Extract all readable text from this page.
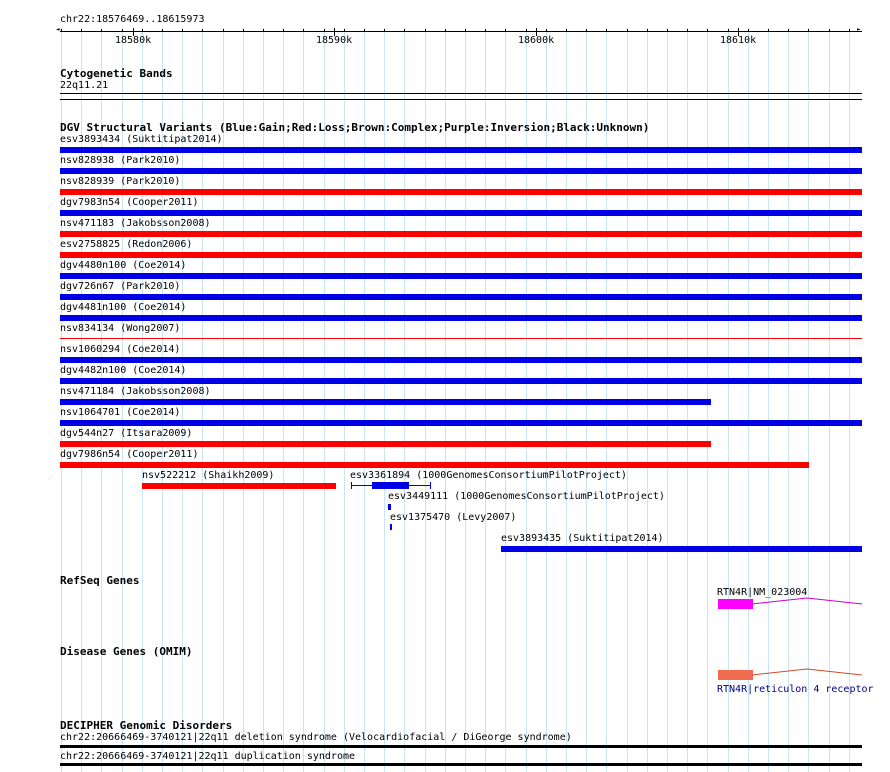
chr22:18576469..18615973
◄	►
18580k	18590k	18600k	18610k
Cytogenetic Bands
22q11.21
DGV Structural Variants (Blue:Gain;Red:Loss;Brown:Complex;Purple:Inversion;Black:Unknown)
esv3893434 (Suktitipat2014)
nsv828938 (Park2010)
nsv828939 (Park2010)
dgv7983n54 (Cooper2011)
nsv471183 (Jakobsson2008)
esv2758825 (Redon2006)
dgv4480n100 (Coe2014)
dgv726n67 (Park2010)
dgv4481n100 (Coe2014)
nsv834134 (Wong2007)
nsv1060294 (Coe2014)
dgv4482n100 (Coe2014)
nsv471184 (Jakobsson2008)
nsv1064701 (Coe2014)
dgv544n27 (Itsara2009)
dgv7986n54 (Cooper2011)
nsv522212 (Shaikh2009)	esv3361894 (1000GenomesConsortiumPilotProject)
esv3449111 (1000GenomesConsortiumPilotProject)
esv1375470 (Levy2007)
esv3893435 (Suktitipat2014)
RefSeq Genes
RTN4R|NM_023004
Disease Genes (OMIM)
RTN4R|reticulon 4 receptor
DECIPHER Genomic Disorders
chr22:20666469-3740121|22q11 deletion syndrome (Velocardiofacial / DiGeorge syndrome)
chr22:20666469-3740121|22q11 duplication syndrome
